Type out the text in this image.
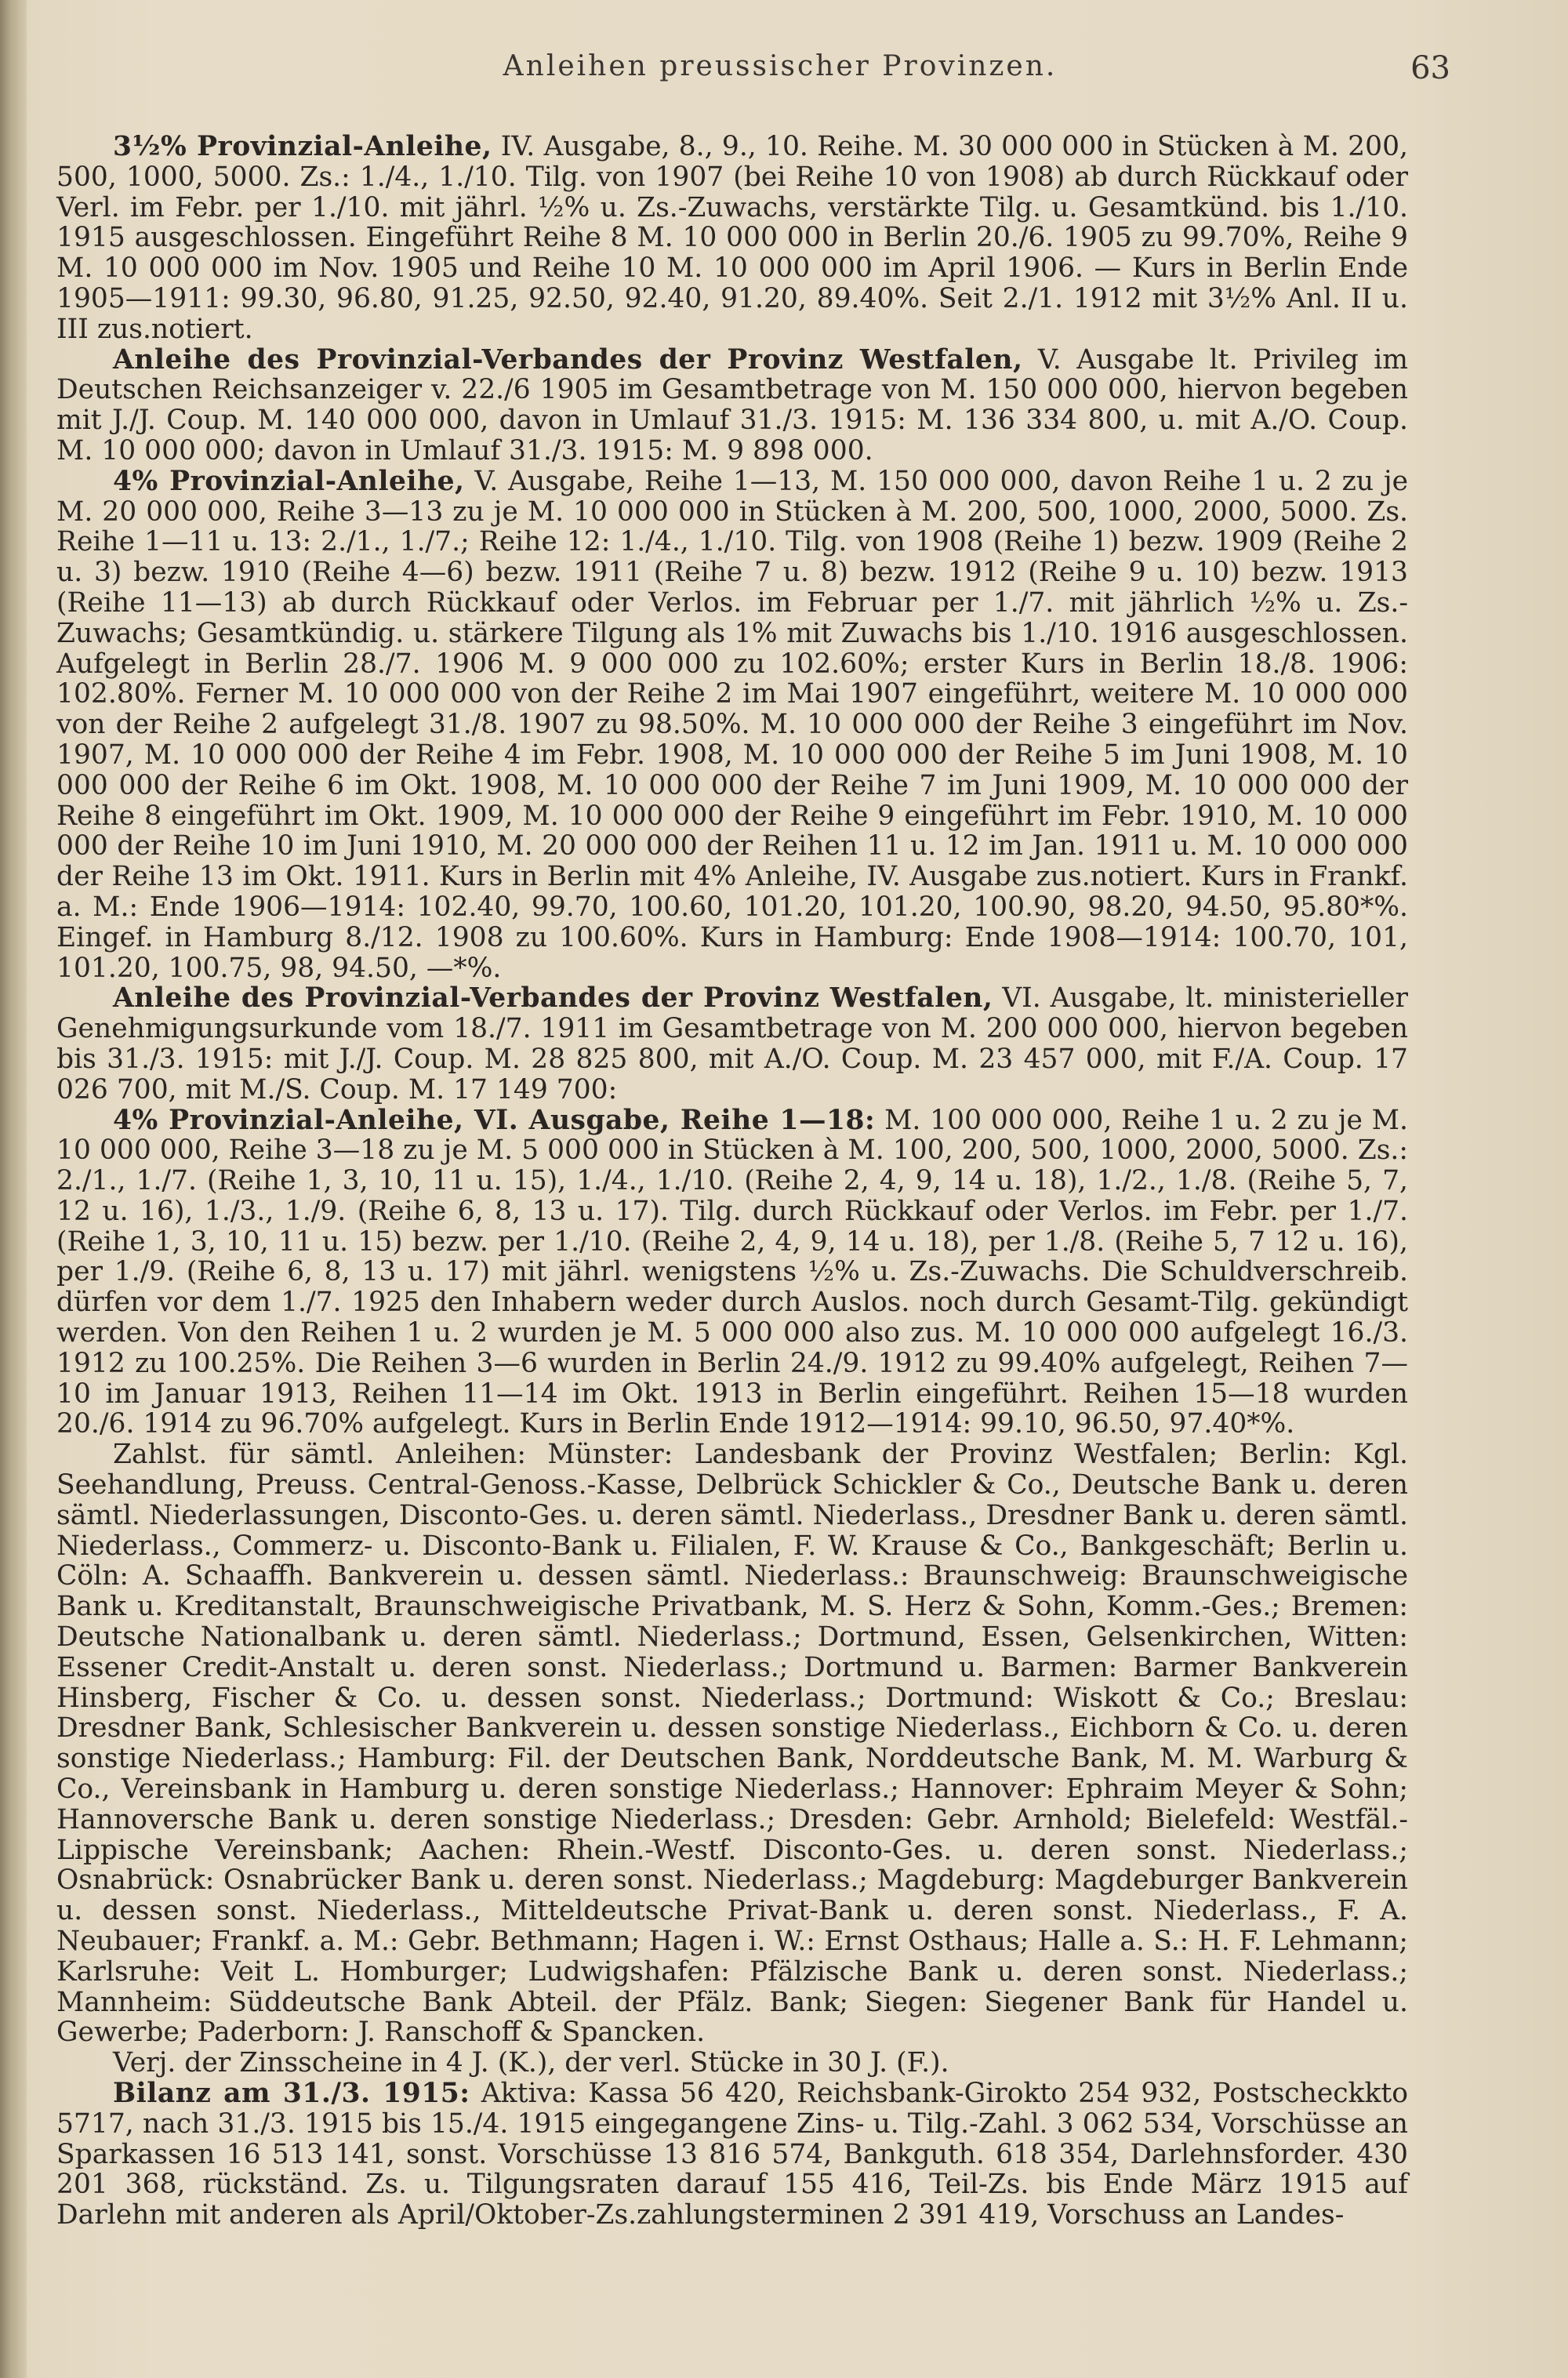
Anleihen preussischer Provinzen.	63

3½% Provinzial-Anleihe, IV. Ausgabe, 8., 9., 10. Reihe. M. 30 000 000 in Stücken à M. 200, 500, 1000, 5000. Zs.: 1./4., 1./10. Tilg. von 1907 (bei Reihe 10 von 1908) ab durch Rückkauf oder Verl. im Febr. per 1./10. mit jährl. ½% u. Zs.-Zuwachs, verstärkte Tilg. u. Gesamtkünd. bis 1./10. 1915 ausgeschlossen. Eingeführt Reihe 8 M. 10 000 000 in Berlin 20./6. 1905 zu 99.70%, Reihe 9 M. 10 000 000 im Nov. 1905 und Reihe 10 M. 10 000 000 im April 1906. — Kurs in Berlin Ende 1905—1911: 99.30, 96.80, 91.25, 92.50, 92.40, 91.20, 89.40%. Seit 2./1. 1912 mit 3½% Anl. II u. III zus.notiert.

Anleihe des Provinzial-Verbandes der Provinz Westfalen, V. Ausgabe lt. Privileg im Deutschen Reichsanzeiger v. 22./6 1905 im Gesamtbetrage von M. 150 000 000, hiervon begeben mit J./J. Coup. M. 140 000 000, davon in Umlauf 31./3. 1915: M. 136 334 800, u. mit A./O. Coup. M. 10 000 000; davon in Umlauf 31./3. 1915: M. 9 898 000.

4% Provinzial-Anleihe, V. Ausgabe, Reihe 1—13, M. 150 000 000, davon Reihe 1 u. 2 zu je M. 20 000 000, Reihe 3—13 zu je M. 10 000 000 in Stücken à M. 200, 500, 1000, 2000, 5000. Zs. Reihe 1—11 u. 13: 2./1., 1./7.; Reihe 12: 1./4., 1./10. Tilg. von 1908 (Reihe 1) bezw. 1909 (Reihe 2 u. 3) bezw. 1910 (Reihe 4—6) bezw. 1911 (Reihe 7 u. 8) bezw. 1912 (Reihe 9 u. 10) bezw. 1913 (Reihe 11—13) ab durch Rückkauf oder Verlos. im Februar per 1./7. mit jährlich ½% u. Zs.-Zuwachs; Gesamtkündig. u. stärkere Tilgung als 1% mit Zuwachs bis 1./10. 1916 ausgeschlossen. Aufgelegt in Berlin 28./7. 1906 M. 9 000 000 zu 102.60%; erster Kurs in Berlin 18./8. 1906: 102.80%. Ferner M. 10 000 000 von der Reihe 2 im Mai 1907 eingeführt, weitere M. 10 000 000 von der Reihe 2 aufgelegt 31./8. 1907 zu 98.50%. M. 10 000 000 der Reihe 3 eingeführt im Nov. 1907, M. 10 000 000 der Reihe 4 im Febr. 1908, M. 10 000 000 der Reihe 5 im Juni 1908, M. 10 000 000 der Reihe 6 im Okt. 1908, M. 10 000 000 der Reihe 7 im Juni 1909, M. 10 000 000 der Reihe 8 eingeführt im Okt. 1909, M. 10 000 000 der Reihe 9 eingeführt im Febr. 1910, M. 10 000 000 der Reihe 10 im Juni 1910, M. 20 000 000 der Reihen 11 u. 12 im Jan. 1911 u. M. 10 000 000 der Reihe 13 im Okt. 1911. Kurs in Berlin mit 4% Anleihe, IV. Ausgabe zus.notiert. Kurs in Frankf. a. M.: Ende 1906—1914: 102.40, 99.70, 100.60, 101.20, 101.20, 100.90, 98.20, 94.50, 95.80*%. Eingef. in Hamburg 8./12. 1908 zu 100.60%. Kurs in Hamburg: Ende 1908—1914: 100.70, 101, 101.20, 100.75, 98, 94.50, —*%.

Anleihe des Provinzial-Verbandes der Provinz Westfalen, VI. Ausgabe, lt. ministerieller Genehmigungsurkunde vom 18./7. 1911 im Gesamtbetrage von M. 200 000 000, hiervon begeben bis 31./3. 1915: mit J./J. Coup. M. 28 825 800, mit A./O. Coup. M. 23 457 000, mit F./A. Coup. 17 026 700, mit M./S. Coup. M. 17 149 700:

4% Provinzial-Anleihe, VI. Ausgabe, Reihe 1—18: M. 100 000 000, Reihe 1 u. 2 zu je M. 10 000 000, Reihe 3—18 zu je M. 5 000 000 in Stücken à M. 100, 200, 500, 1000, 2000, 5000. Zs.: 2./1., 1./7. (Reihe 1, 3, 10, 11 u. 15), 1./4., 1./10. (Reihe 2, 4, 9, 14 u. 18), 1./2., 1./8. (Reihe 5, 7, 12 u. 16), 1./3., 1./9. (Reihe 6, 8, 13 u. 17). Tilg. durch Rückkauf oder Verlos. im Febr. per 1./7. (Reihe 1, 3, 10, 11 u. 15) bezw. per 1./10. (Reihe 2, 4, 9, 14 u. 18), per 1./8. (Reihe 5, 7 12 u. 16), per 1./9. (Reihe 6, 8, 13 u. 17) mit jährl. wenigstens ½% u. Zs.-Zuwachs. Die Schuldverschreib. dürfen vor dem 1./7. 1925 den Inhabern weder durch Auslos. noch durch Gesamt-Tilg. gekündigt werden. Von den Reihen 1 u. 2 wurden je M. 5 000 000 also zus. M. 10 000 000 aufgelegt 16./3. 1912 zu 100.25%. Die Reihen 3—6 wurden in Berlin 24./9. 1912 zu 99.40% aufgelegt, Reihen 7—10 im Januar 1913, Reihen 11—14 im Okt. 1913 in Berlin eingeführt. Reihen 15—18 wurden 20./6. 1914 zu 96.70% aufgelegt. Kurs in Berlin Ende 1912—1914: 99.10, 96.50, 97.40*%.

Zahlst. für sämtl. Anleihen: Münster: Landesbank der Provinz Westfalen; Berlin: Kgl. Seehandlung, Preuss. Central-Genoss.-Kasse, Delbrück Schickler & Co., Deutsche Bank u. deren sämtl. Niederlassungen, Disconto-Ges. u. deren sämtl. Niederlass., Dresdner Bank u. deren sämtl. Niederlass., Commerz- u. Disconto-Bank u. Filialen, F. W. Krause & Co., Bankgeschäft; Berlin u. Cöln: A. Schaaffh. Bankverein u. dessen sämtl. Niederlass.: Braunschweig: Braunschweigische Bank u. Kreditanstalt, Braunschweigische Privatbank, M. S. Herz & Sohn, Komm.-Ges.; Bremen: Deutsche Nationalbank u. deren sämtl. Niederlass.; Dortmund, Essen, Gelsenkirchen, Witten: Essener Credit-Anstalt u. deren sonst. Niederlass.; Dortmund u. Barmen: Barmer Bankverein Hinsberg, Fischer & Co. u. dessen sonst. Niederlass.; Dortmund: Wiskott & Co.; Breslau: Dresdner Bank, Schlesischer Bankverein u. dessen sonstige Niederlass., Eichborn & Co. u. deren sonstige Niederlass.; Hamburg: Fil. der Deutschen Bank, Norddeutsche Bank, M. M. Warburg & Co., Vereinsbank in Hamburg u. deren sonstige Niederlass.; Hannover: Ephraim Meyer & Sohn; Hannoversche Bank u. deren sonstige Niederlass.; Dresden: Gebr. Arnhold; Bielefeld: Westfäl.-Lippische Vereinsbank; Aachen: Rhein.-Westf. Disconto-Ges. u. deren sonst. Niederlass.; Osnabrück: Osnabrücker Bank u. deren sonst. Niederlass.; Magdeburg: Magdeburger Bankverein u. dessen sonst. Niederlass., Mitteldeutsche Privat-Bank u. deren sonst. Niederlass., F. A. Neubauer; Frankf. a. M.: Gebr. Bethmann; Hagen i. W.: Ernst Osthaus; Halle a. S.: H. F. Lehmann; Karlsruhe: Veit L. Homburger; Ludwigshafen: Pfälzische Bank u. deren sonst. Niederlass.; Mannheim: Süddeutsche Bank Abteil. der Pfälz. Bank; Siegen: Siegener Bank für Handel u. Gewerbe; Paderborn: J. Ranschoff & Spancken.

Verj. der Zinsscheine in 4 J. (K.), der verl. Stücke in 30 J. (F.).

Bilanz am 31./3. 1915: Aktiva: Kassa 56 420, Reichsbank-Girokto 254 932, Postscheckkto 5717, nach 31./3. 1915 bis 15./4. 1915 eingegangene Zins- u. Tilg.-Zahl. 3 062 534, Vorschüsse an Sparkassen 16 513 141, sonst. Vorschüsse 13 816 574, Bankguth. 618 354, Darlehnsforder. 430 201 368, rückständ. Zs. u. Tilgungsraten darauf 155 416, Teil-Zs. bis Ende März 1915 auf Darlehn mit anderen als April/Oktober-Zs.zahlungsterminen 2 391 419, Vorschuss an Landes-
